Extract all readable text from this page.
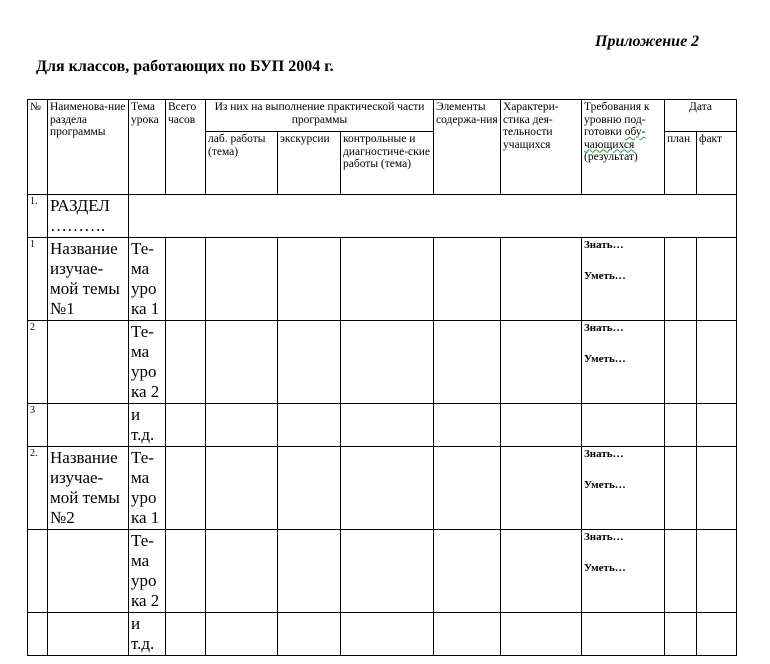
Приложение 2
Для классов, работающих по БУП 2004 г.
№	Наименова-ние раздела программы	Тема урока	Всего часов	Из них на выполнение практической части программы			Элементы содержа-ния	Характери-стика дея-тельности учащихся	Требования к уровню под-готовки обу-чающихся (результат)	Дата	
				лаб. работы (тема)	экскурсии	контрольные и диагностиче-ские работы (тема)				план	факт
1.	РАЗДЕЛ ……….										
1	Название изучае-мой темы №1	Те-ма уро ка 1							Знать…
Уметь…		

2		Те-ма уро ка 2							Знать…
Уметь…		

3		и т.д.							

2.	Название изучае-мой темы №2	Те-ма уро ка 1							Знать…
Уметь…		

		Те-ма уро ка 2							Знать…
Уметь…		

		и т.д.							
